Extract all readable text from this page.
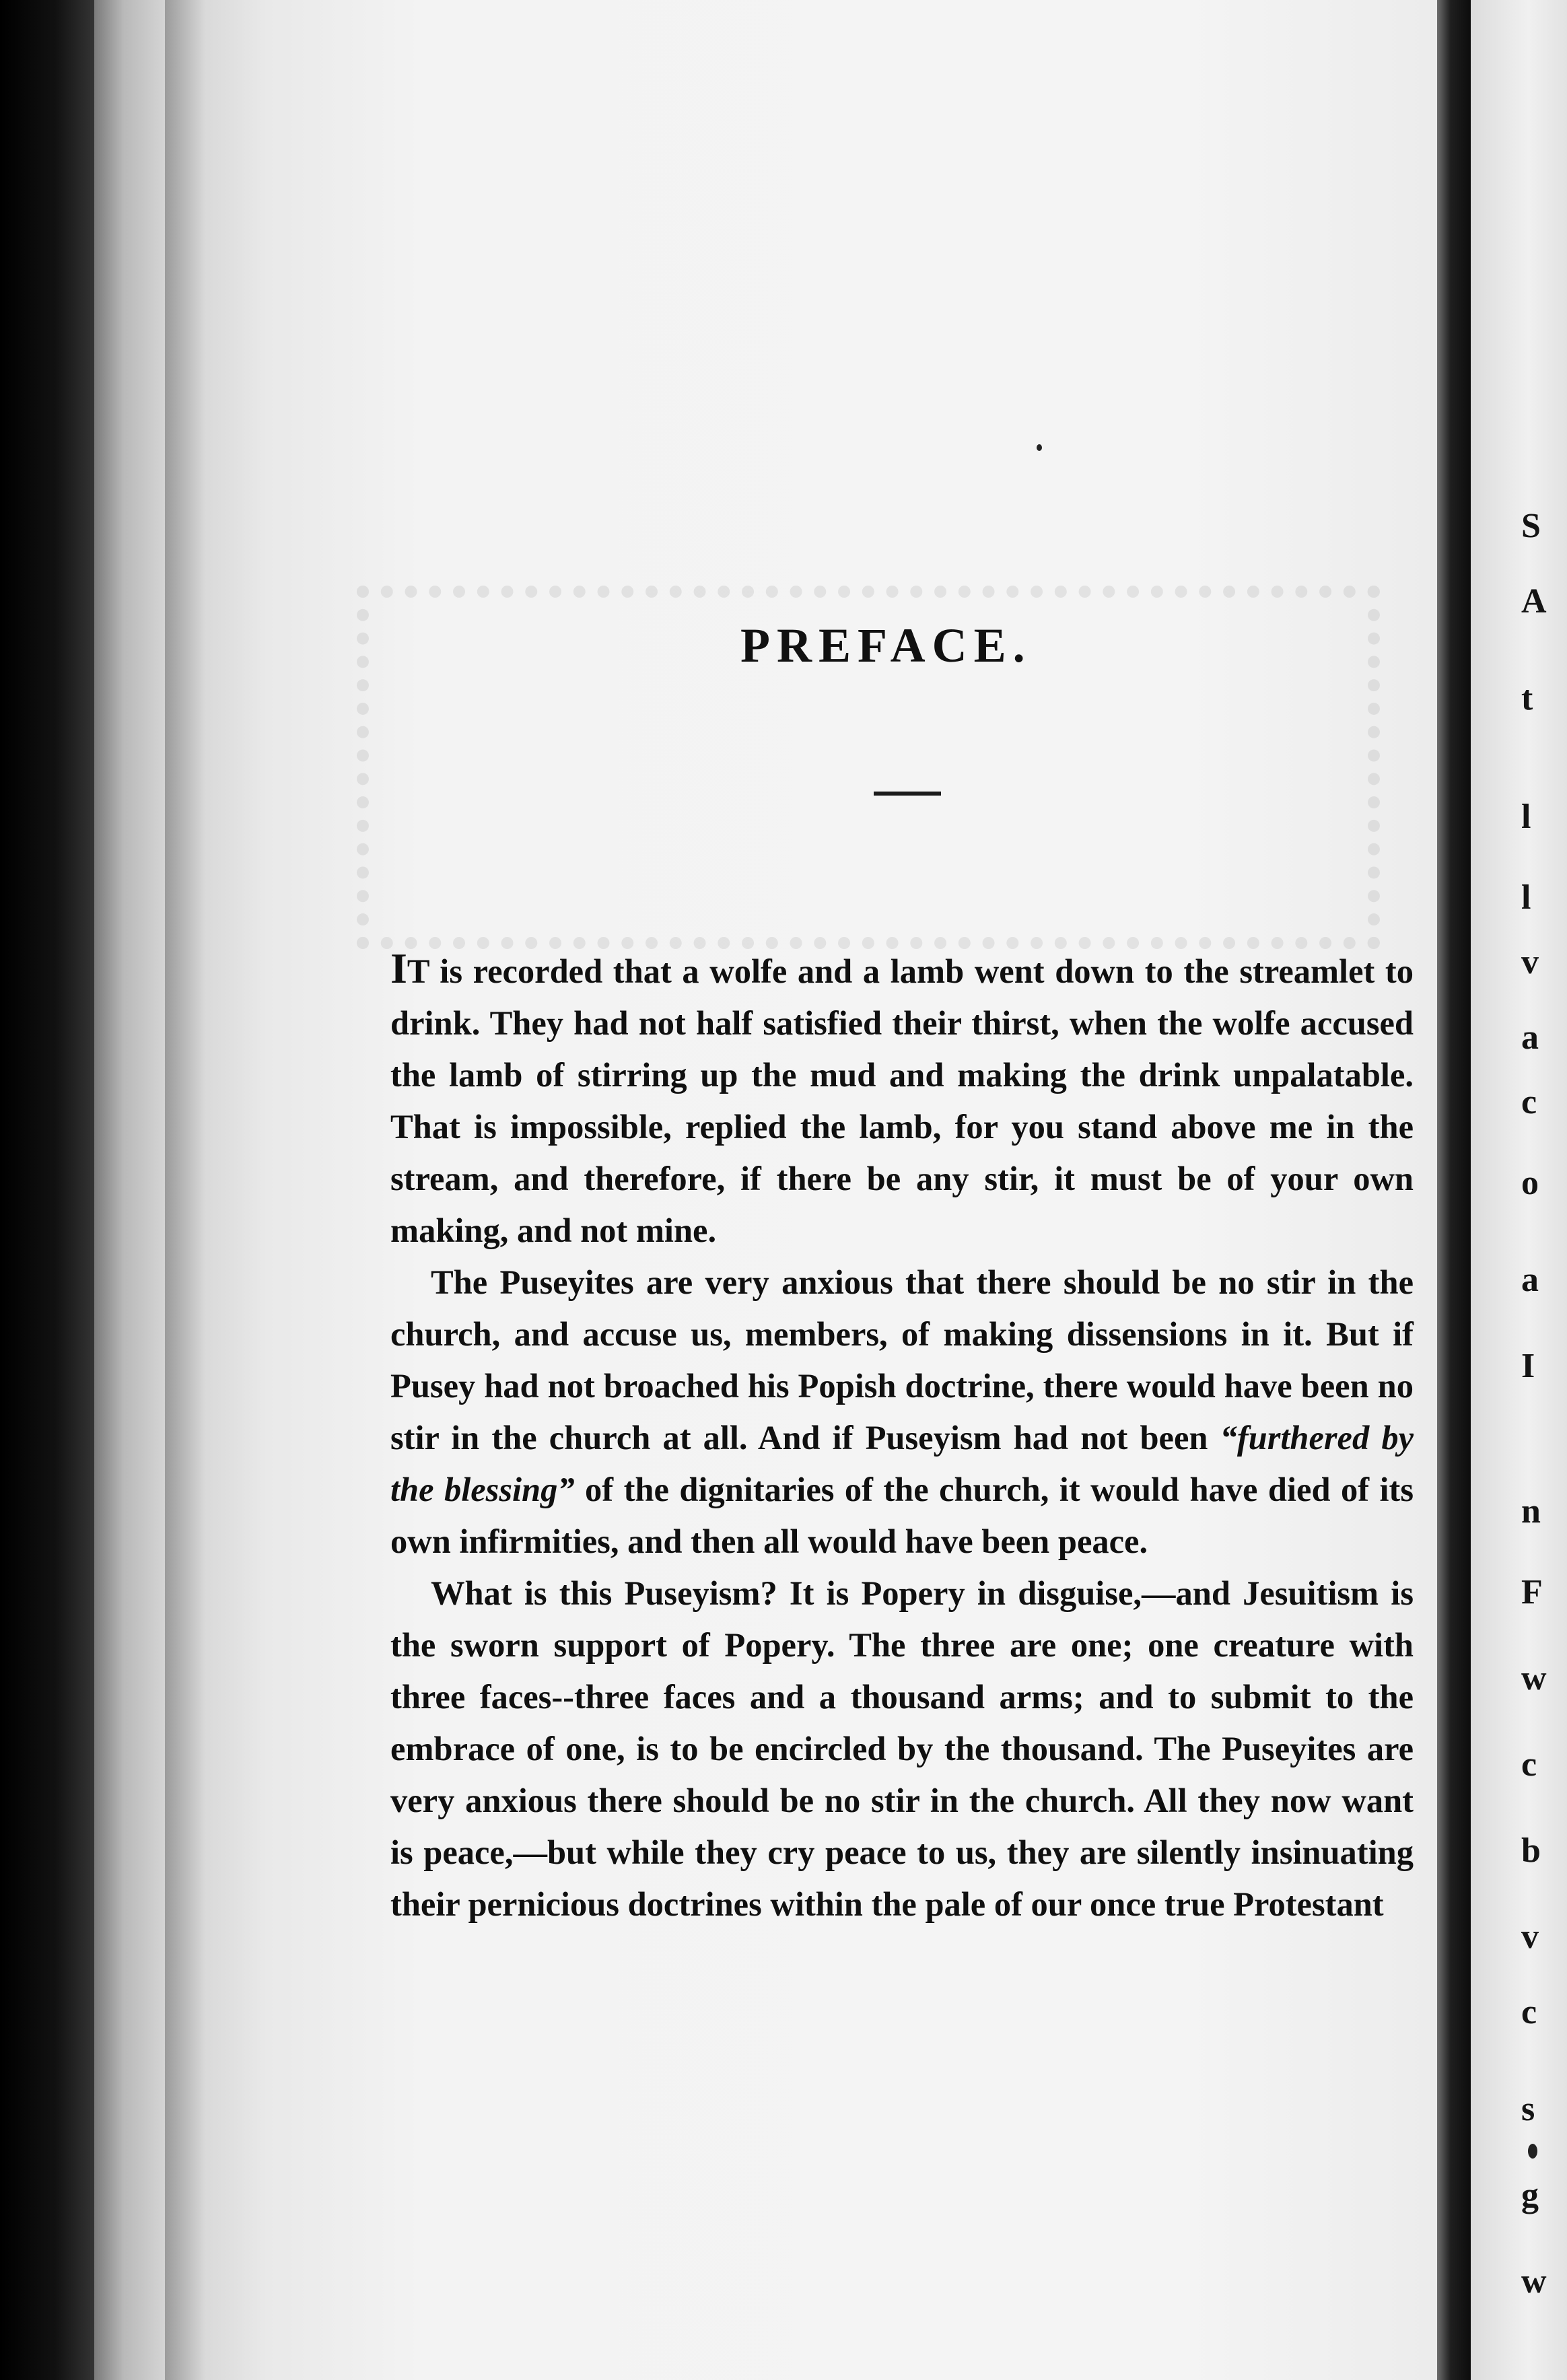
PREFACE.

IT is recorded that a wolfe and a lamb went down to the streamlet to drink. They had not half satisfied their thirst, when the wolfe accused the lamb of stirring up the mud and making the drink unpalatable. That is impossible, replied the lamb, for you stand above me in the stream, and therefore, if there be any stir, it must be of your own making, and not mine.

The Puseyites are very anxious that there should be no stir in the church, and accuse us, members, of making dissensions in it. But if Pusey had not broached his Popish doctrine, there would have been no stir in the church at all. And if Puseyism had not been “furthered by the blessing” of the dignitaries of the church, it would have died of its own infirmities, and then all would have been peace.

What is this Puseyism? It is Popery in disguise,—and Jesuitism is the sworn support of Popery. The three are one; one creature with three faces--three faces and a thousand arms; and to submit to the embrace of one, is to be encircled by the thousand. The Puseyites are very anxious there should be no stir in the church. All they now want is peace,—but while they cry peace to us, they are silently insinuating their pernicious doctrines within the pale of our once true Protestant

S
A
t
l
l
v
a
c
o
a
I
n
F
w
c
b
v
c
s
g
w
